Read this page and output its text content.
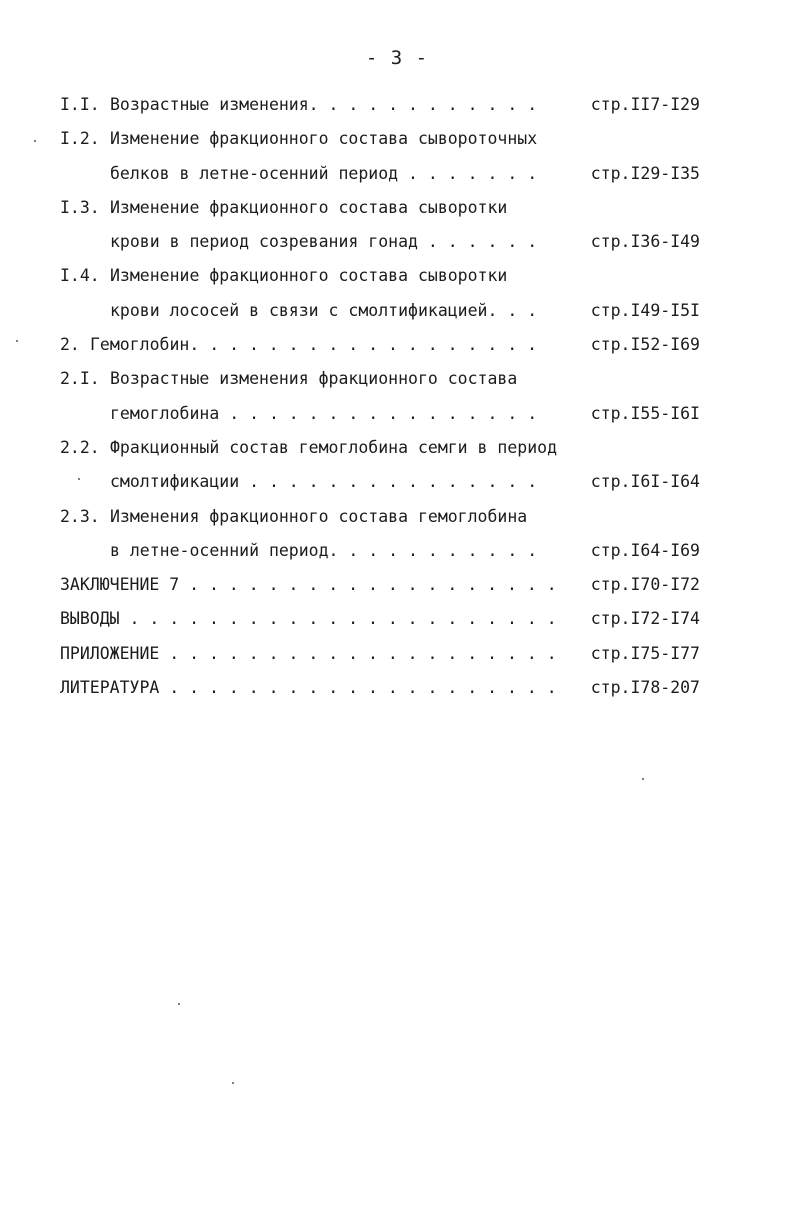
- 3 -
I.I. Возрастные изменения. . . . . . . . . . . .	стр.II7-I29
I.2. Изменение фракционного состава сывороточных
белков в летне-осенний период . . . . . . .	стр.I29-I35
I.3. Изменение фракционного состава сыворотки
крови в период созревания гонад . . . . . .	стр.I36-I49
I.4. Изменение фракционного состава сыворотки
крови лососей в связи с смолтификацией. . .	стр.I49-I5I
2. Гемоглобин. . . . . . . . . . . . . . . . . .	стр.I52-I69
2.I. Возрастные изменения фракционного состава
гемоглобина . . . . . . . . . . . . . . . .	стр.I55-I6I
2.2. Фракционный состав гемоглобина семги в период
смолтификации . . . . . . . . . . . . . . .	стр.I6I-I64
2.3. Изменения фракционного состава гемоглобина
в летне-осенний период. . . . . . . . . . .	стр.I64-I69
ЗАКЛЮЧЕНИЕ 7 . . . . . . . . . . . . . . . . . . . стр.I70-I72
ВЫВОДЫ . . . . . . . . . . . . . . . . . . . . . . стр.I72-I74
ПРИЛОЖЕНИЕ . . . . . . . . . . . . . . . . . . . . стр.I75-I77
ЛИТЕРАТУРА . . . . . . . . . . . . . . . . . . . . стр.I78-207
